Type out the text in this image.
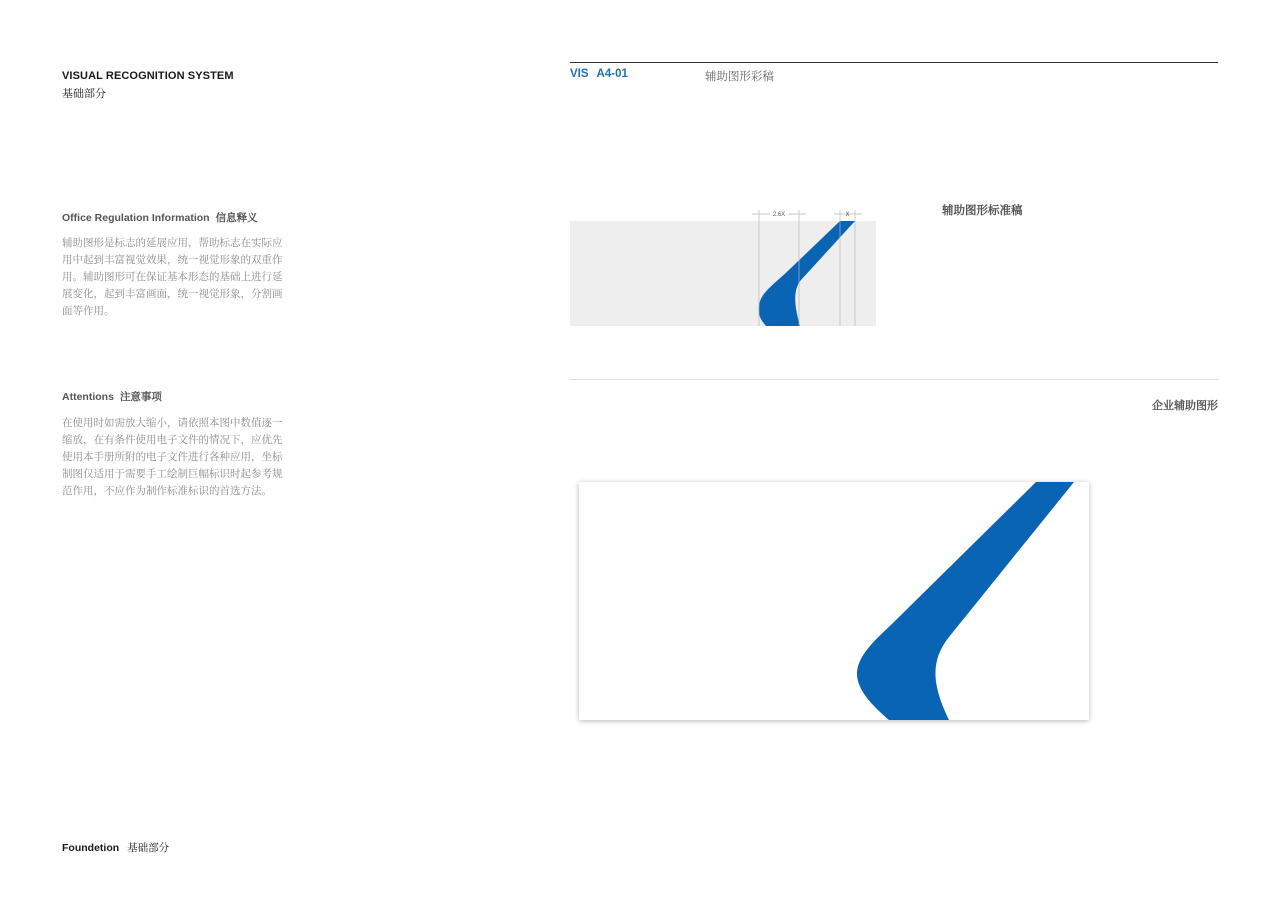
VISUAL RECOGNITION SYSTEM
基础部分
Office Regulation Information 信息释义
辅助图形是标志的延展应用，帮助标志在实际应用中起到丰富视觉效果，统一视觉形象的双重作用。辅助图形可在保证基本形态的基础上进行延展变化，起到丰富画面，统一视觉形象，分割画面等作用。
Attentions 注意事项
在使用时如需放大缩小，请依照本图中数值逐一缩放，在有条件使用电子文件的情况下，应优先使用本手册所附的电子文件进行各种应用，坐标制图仅适用于需要手工绘制巨幅标识时起参考规范作用，不应作为制作标准标识的首选方法。
Foundetion 基础部分
VIS A4-01	辅助图形彩稿
辅助图形标准稿
2.6X	X
企业辅助图形
